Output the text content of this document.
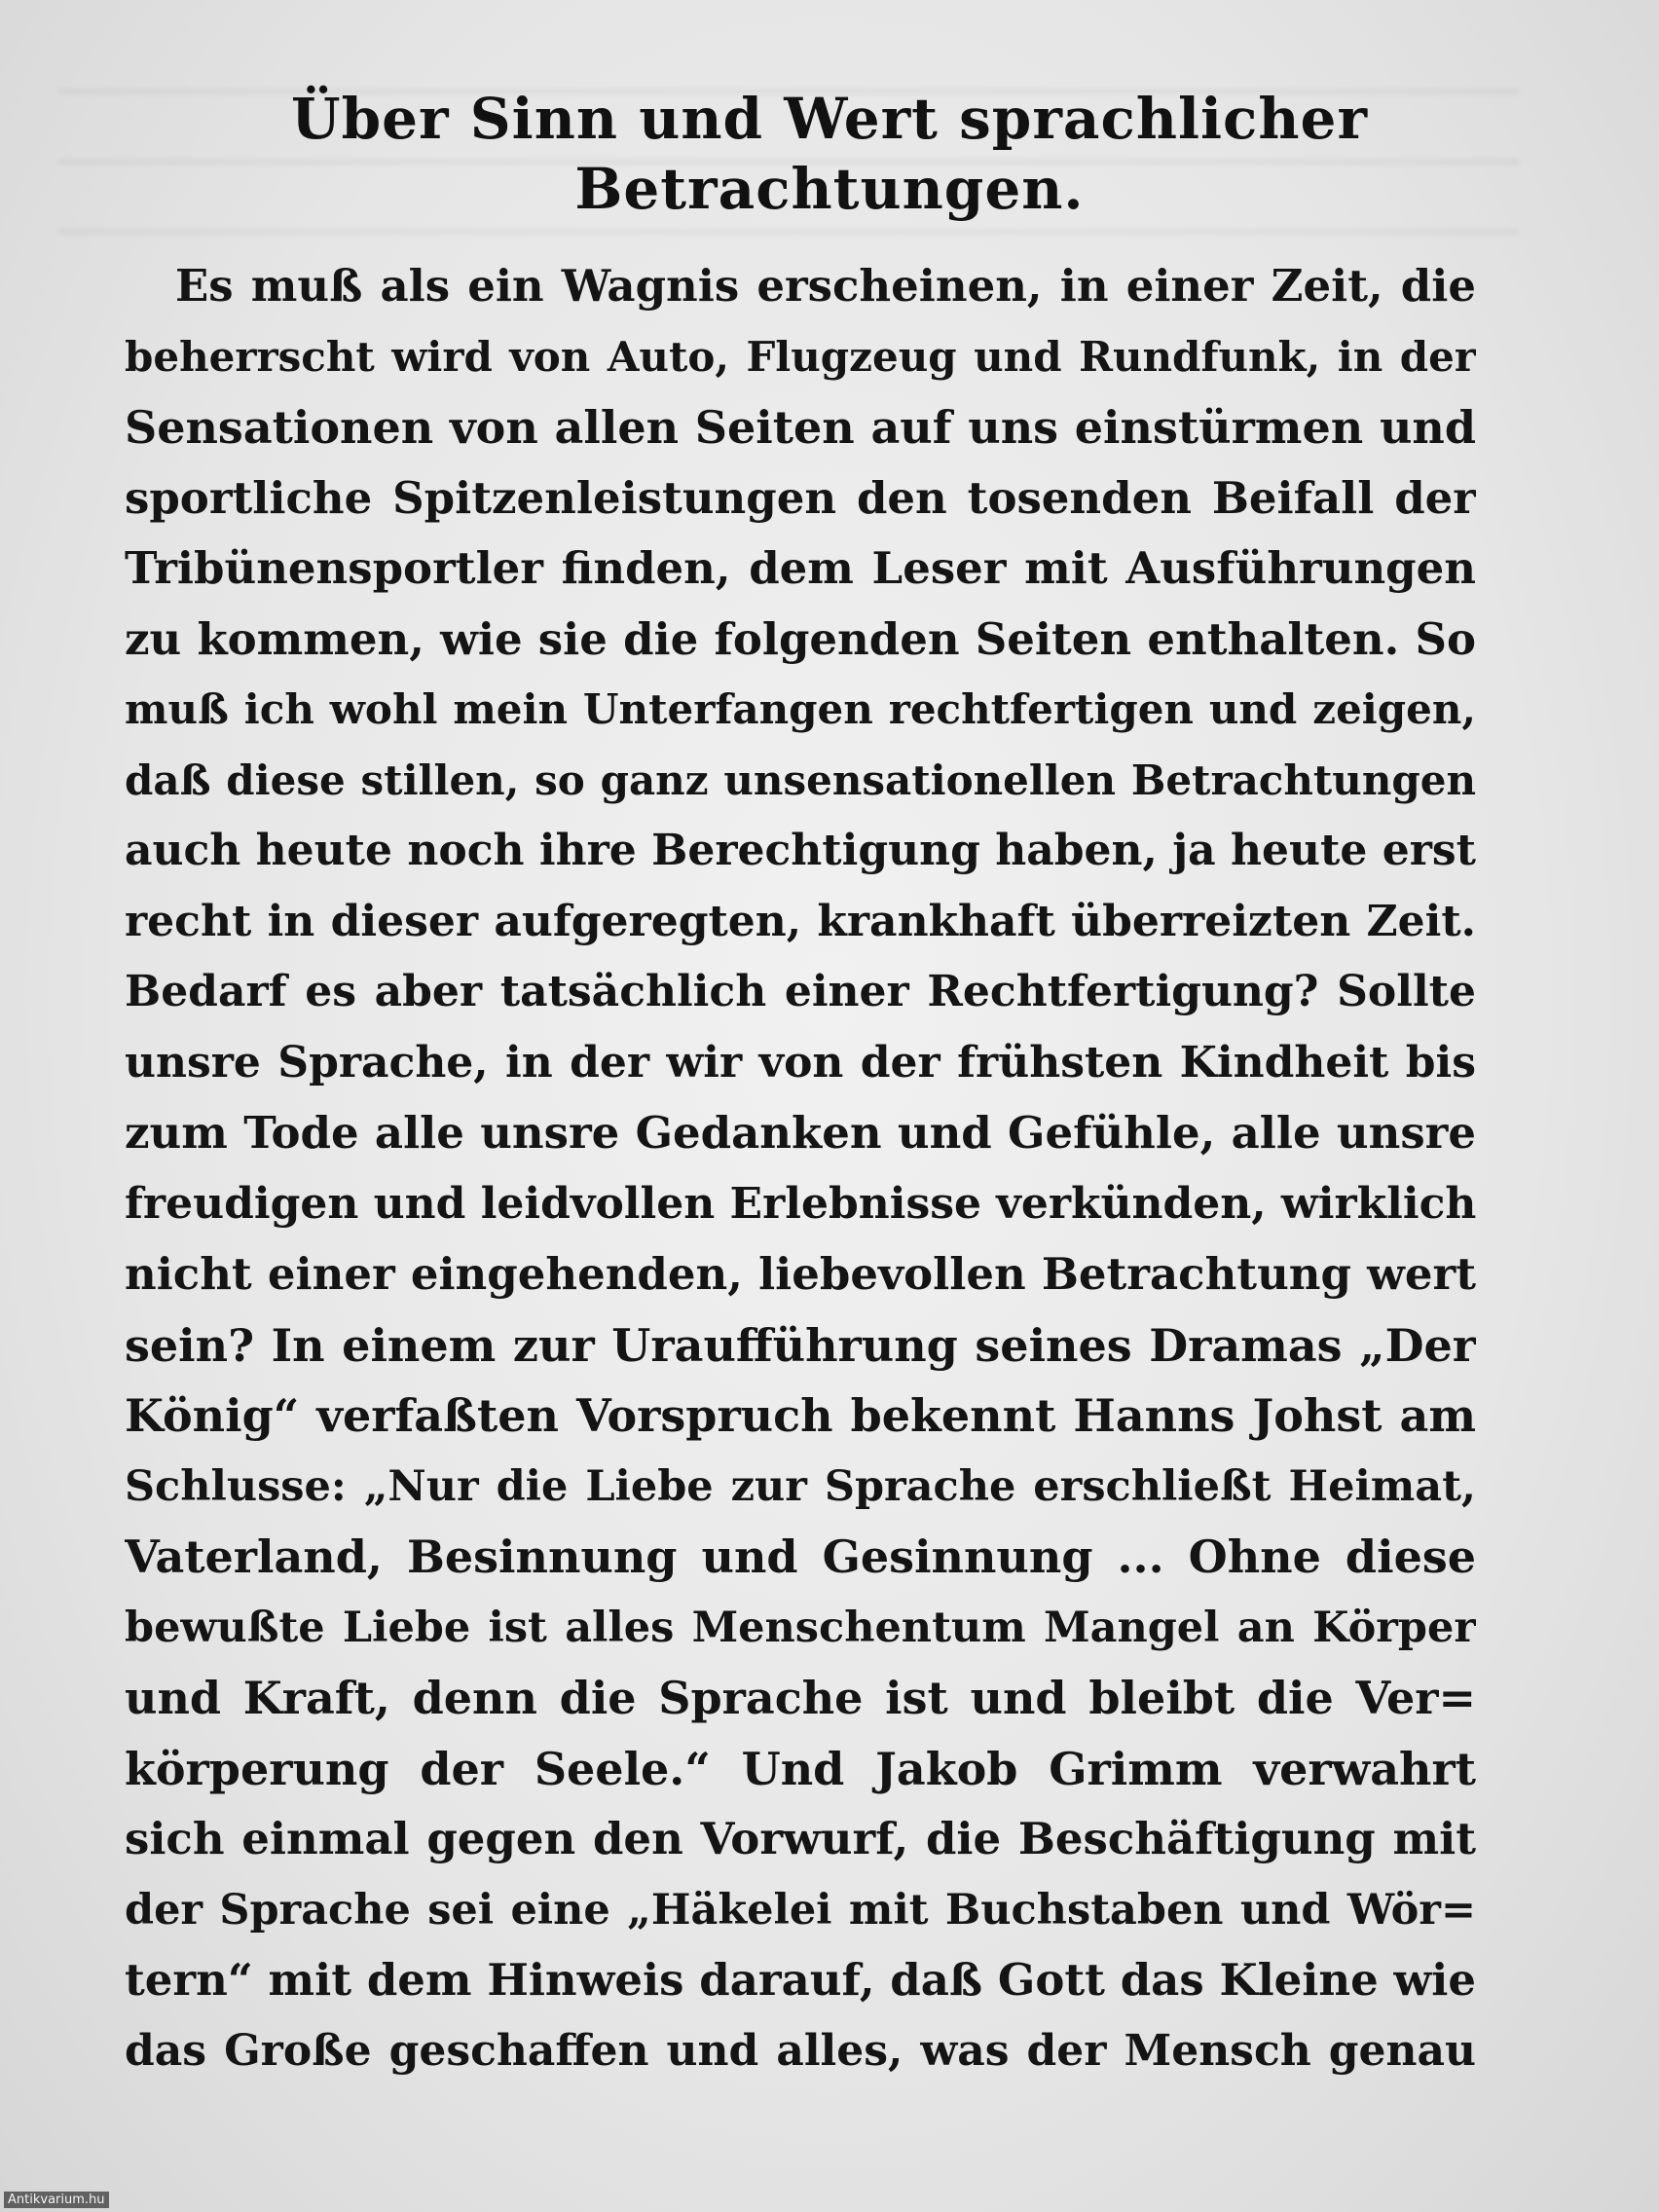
Über Sinn und Wert sprachlicher
Betrachtungen.
Es muß als ein Wagnis erscheinen, in einer Zeit, die
beherrscht wird von Auto, Flugzeug und Rundfunk, in der
Sensationen von allen Seiten auf uns einstürmen und
sportliche Spitzenleistungen den tosenden Beifall der
Tribünensportler finden, dem Leser mit Ausführungen
zu kommen, wie sie die folgenden Seiten enthalten. So
muß ich wohl mein Unterfangen rechtfertigen und zeigen,
daß diese stillen, so ganz unsensationellen Betrachtungen
auch heute noch ihre Berechtigung haben, ja heute erst
recht in dieser aufgeregten, krankhaft überreizten Zeit.
Bedarf es aber tatsächlich einer Rechtfertigung? Sollte
unsre Sprache, in der wir von der frühsten Kindheit bis
zum Tode alle unsre Gedanken und Gefühle, alle unsre
freudigen und leidvollen Erlebnisse verkünden, wirklich
nicht einer eingehenden, liebevollen Betrachtung wert
sein? In einem zur Uraufführung seines Dramas „Der
König“ verfaßten Vorspruch bekennt Hanns Johst am
Schlusse: „Nur die Liebe zur Sprache erschließt Heimat,
Vaterland, Besinnung und Gesinnung ... Ohne diese
bewußte Liebe ist alles Menschentum Mangel an Körper
und Kraft, denn die Sprache ist und bleibt die Ver=
körperung der Seele.“ Und Jakob Grimm verwahrt
sich einmal gegen den Vorwurf, die Beschäftigung mit
der Sprache sei eine „Häkelei mit Buchstaben und Wör=
tern“ mit dem Hinweis darauf, daß Gott das Kleine wie
das Große geschaffen und alles, was der Mensch genau
Antikvarium.hu
